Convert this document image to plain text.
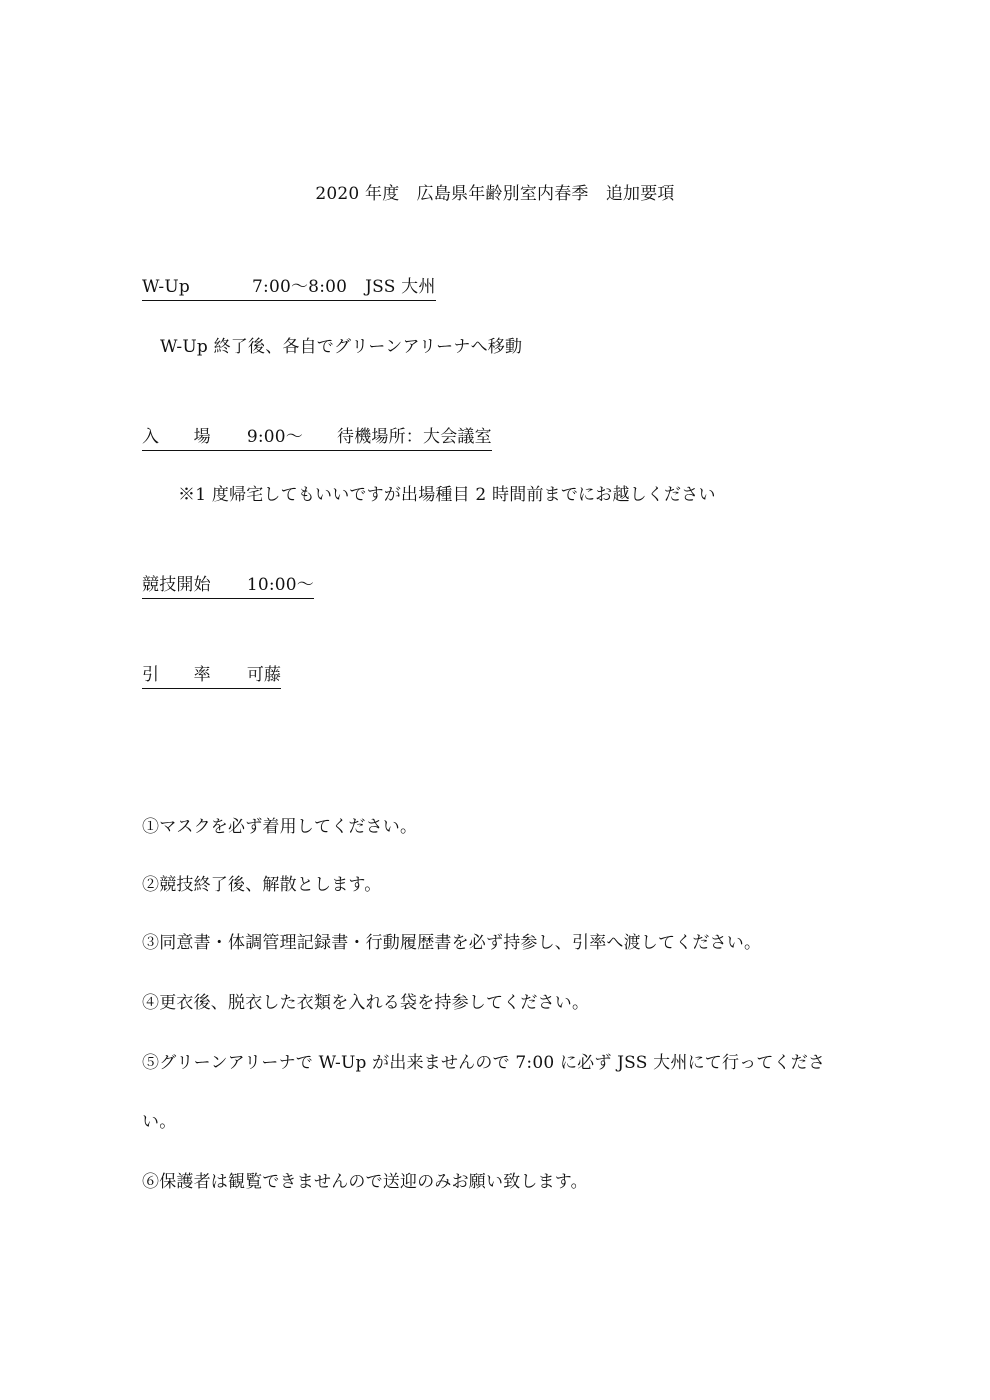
2020 年度　広島県年齢別室内春季　追加要項
W-Up	7:00～8:00 JSS 大州
W-Up 終了後、各自でグリーンアリーナへ移動
入　　場 9:00～ 待機場所：大会議室
※1 度帰宅してもいいですが出場種目 2 時間前までにお越しください
競技開始 10:00～
引　　率 可藤
①マスクを必ず着用してください。
②競技終了後、解散とします。
③同意書・体調管理記録書・行動履歴書を必ず持参し、引率へ渡してください。
④更衣後、脱衣した衣類を入れる袋を持参してください。
⑤グリーンアリーナで W-Up が出来ませんので 7:00 に必ず JSS 大州にて行ってくださ
い。
⑥保護者は観覧できませんので送迎のみお願い致します。
